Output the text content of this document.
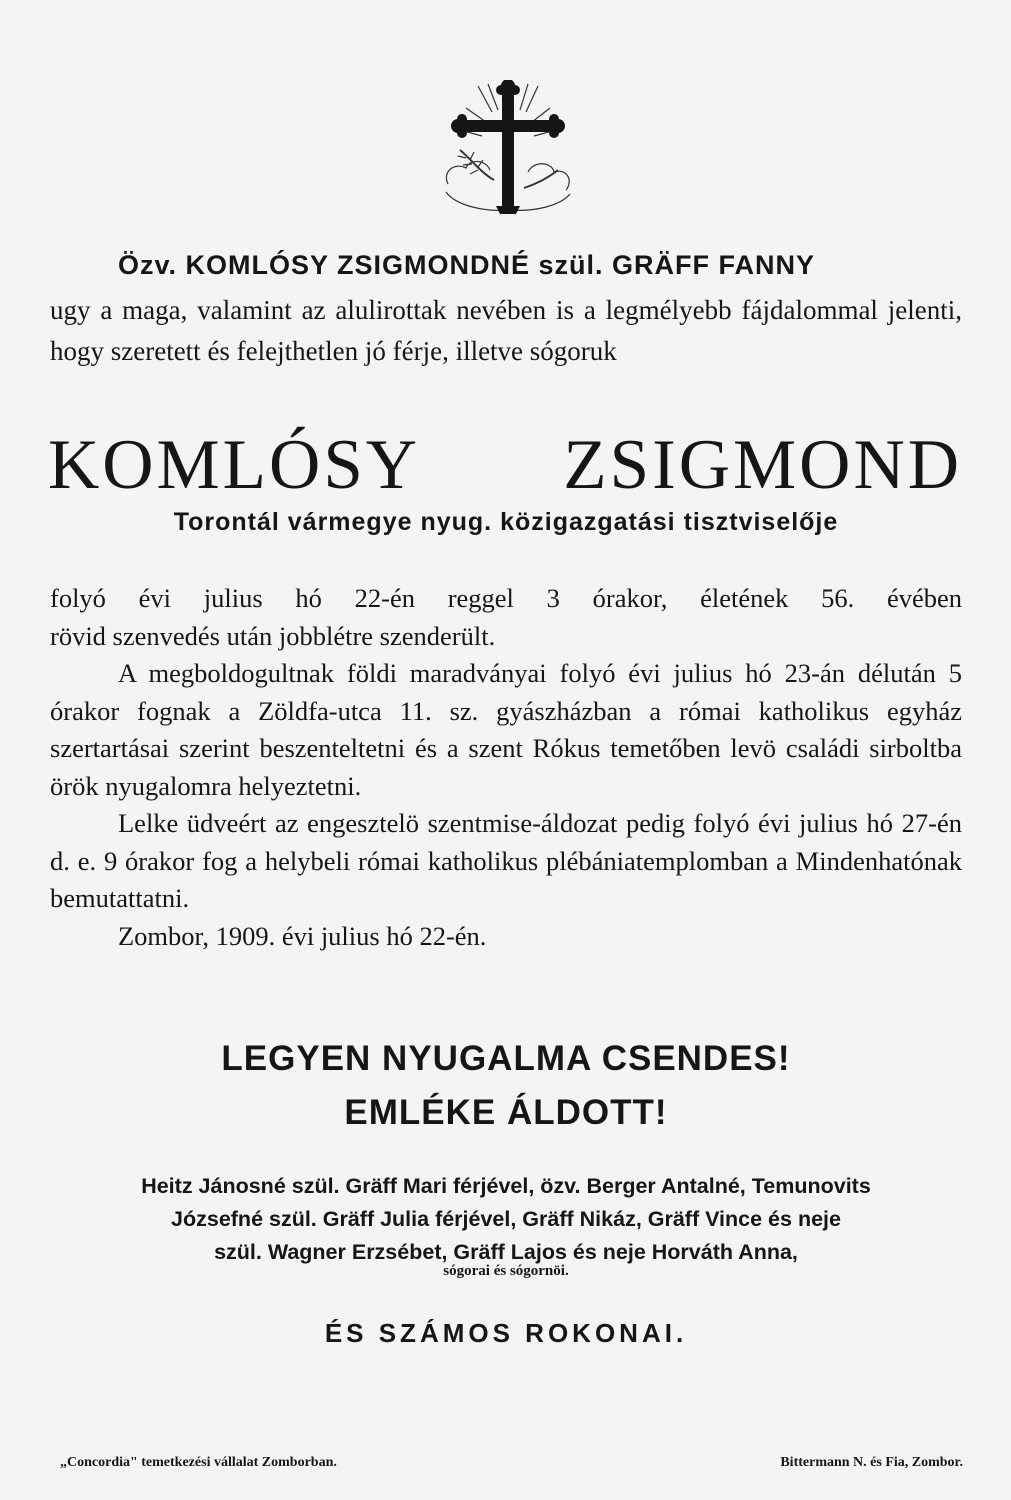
Özv. KOMLÓSY ZSIGMONDNÉ szül. GRÄFF FANNY
ugy a maga, valamint az alulirottak nevében is a legmélyebb fájdalommal jelenti, hogy szeretett és felejthetlen jó férje, illetve sógoruk
KOMLÓSY ZSIGMOND
Torontál vármegye nyug. közigazgatási tisztviselője

folyó évi julius hó 22-én reggel 3 órakor, életének 56. évében
rövid szenvedés után jobblétre szenderült.

A megboldogultnak földi maradványai folyó évi julius hó 23-án délután 5 órakor fognak a Zöldfa-utca 11. sz. gyászházban a római katholikus egyház szertartásai szerint beszenteltetni és a szent Rókus temetőben levö családi sirboltba örök nyugalomra helyeztetni.

Lelke üdveért az engesztelö szentmise-áldozat pedig folyó évi julius hó 27-én d. e. 9 órakor fog a helybeli római katholikus plébániatemplomban a Mindenhatónak bemutattatni.

Zombor, 1909. évi julius hó 22-én.

LEGYEN NYUGALMA CSENDES!
EMLÉKE ÁLDOTT!
Heitz Jánosné szül. Gräff Mari férjével, özv. Berger Antalné, Temunovits
Józsefné szül. Gräff Julia férjével, Gräff Nikáz, Gräff Vince és neje
szül. Wagner Erzsébet, Gräff Lajos és neje Horváth Anna,
sógorai és sógornöi.
ÉS SZÁMOS ROKONAI.
„Concordia" temetkezési vállalat Zomborban.	Bittermann N. és Fia, Zombor.
